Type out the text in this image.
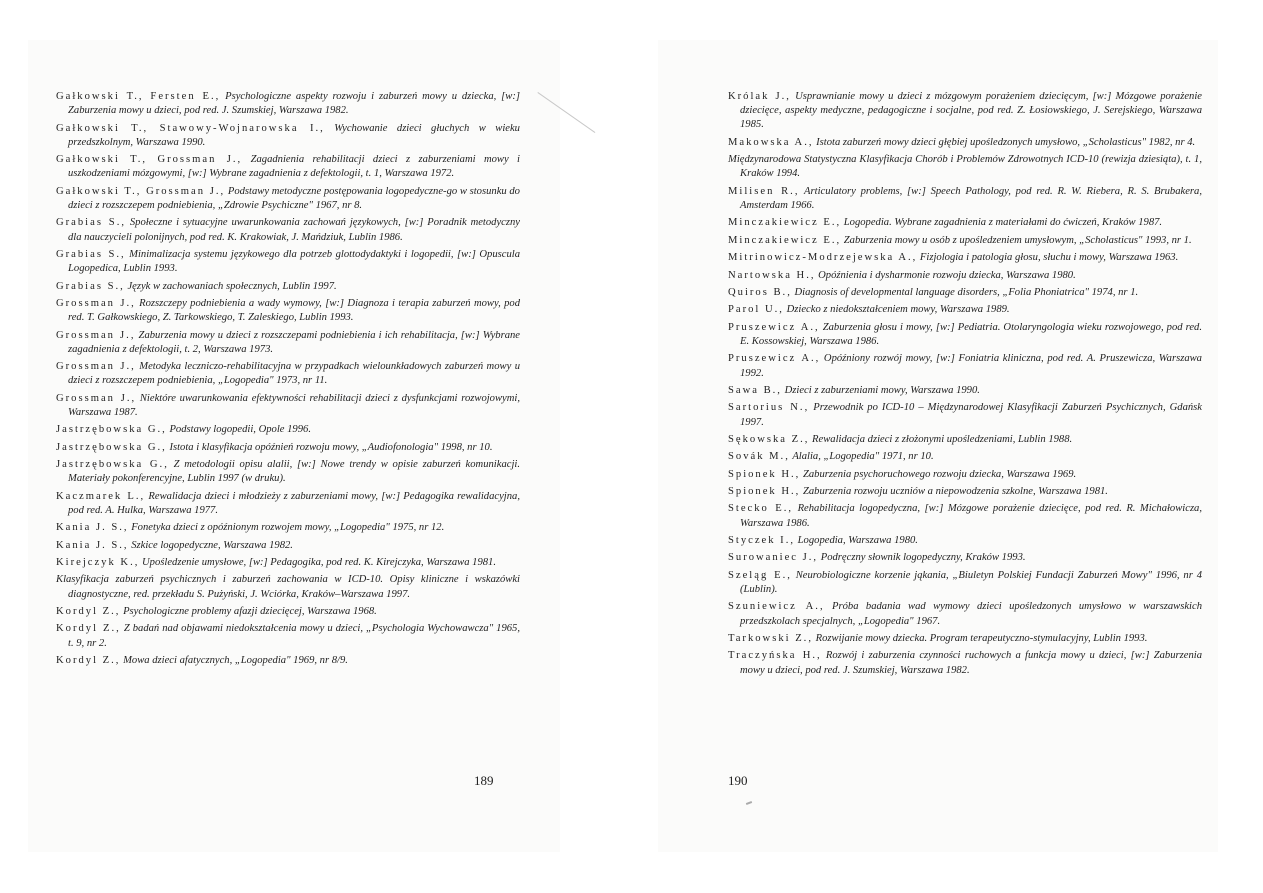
Gałkowski T., Fersten E., Psychologiczne aspekty rozwoju i zaburzeń mowy u dziecka, [w:] Zaburzenia mowy u dzieci, pod red. J. Szumskiej, Warszawa 1982.

Gałkowski T., Stawowy-Wojnarowska I., Wychowanie dzieci głuchych w wieku przedszkolnym, Warszawa 1990.

Gałkowski T., Grossman J., Zagadnienia rehabilitacji dzieci z zaburzeniami mowy i uszkodzeniami mózgowymi, [w:] Wybrane zagadnienia z defektologii, t. 1, Warszawa 1972.

Gałkowski T., Grossman J., Podstawy metodyczne postępowania logopedyczne-go w stosunku do dzieci z rozszczepem podniebienia, „Zdrowie Psychiczne" 1967, nr 8.

Grabias S., Społeczne i sytuacyjne uwarunkowania zachowań językowych, [w:] Poradnik metodyczny dla nauczycieli polonijnych, pod red. K. Krakowiak, J. Mańdziuk, Lublin 1986.

Grabias S., Minimalizacja systemu językowego dla potrzeb glottodydaktyki i logopedii, [w:] Opuscula Logopedica, Lublin 1993.

Grabias S., Język w zachowaniach społecznych, Lublin 1997.

Grossman J., Rozszczepy podniebienia a wady wymowy, [w:] Diagnoza i terapia zaburzeń mowy, pod red. T. Gałkowskiego, Z. Tarkowskiego, T. Zaleskiego, Lublin 1993.

Grossman J., Zaburzenia mowy u dzieci z rozszczepami podniebienia i ich rehabilitacja, [w:] Wybrane zagadnienia z defektologii, t. 2, Warszawa 1973.

Grossman J., Metodyka leczniczo-rehabilitacyjna w przypadkach wielounkładowych zaburzeń mowy u dzieci z rozszczepem podniebienia, „Logopedia" 1973, nr 11.

Grossman J., Niektóre uwarunkowania efektywności rehabilitacji dzieci z dysfunkcjami rozwojowymi, Warszawa 1987.

Jastrzębowska G., Podstawy logopedii, Opole 1996.

Jastrzębowska G., Istota i klasyfikacja opóźnień rozwoju mowy, „Audiofonologia" 1998, nr 10.

Jastrzębowska G., Z metodologii opisu alalii, [w:] Nowe trendy w opisie zaburzeń komunikacji. Materiały pokonferencyjne, Lublin 1997 (w druku).

Kaczmarek L., Rewalidacja dzieci i młodzieży z zaburzeniami mowy, [w:] Pedagogika rewalidacyjna, pod red. A. Hulka, Warszawa 1977.

Kania J. S., Fonetyka dzieci z opóźnionym rozwojem mowy, „Logopedia" 1975, nr 12.

Kania J. S., Szkice logopedyczne, Warszawa 1982.

Kirejczyk K., Upośledzenie umysłowe, [w:] Pedagogika, pod red. K. Kirejczyka, Warszawa 1981.

Klasyfikacja zaburzeń psychicznych i zaburzeń zachowania w ICD-10. Opisy kliniczne i wskazówki diagnostyczne, red. przekładu S. Pużyński, J. Wciórka, Kraków–Warszawa 1997.

Kordyl Z., Psychologiczne problemy afazji dziecięcej, Warszawa 1968.

Kordyl Z., Z badań nad objawami niedokształcenia mowy u dzieci, „Psychologia Wychowawcza" 1965, t. 9, nr 2.

Kordyl Z., Mowa dzieci afatycznych, „Logopedia" 1969, nr 8/9.

189

Królak J., Usprawnianie mowy u dzieci z mózgowym porażeniem dziecięcym, [w:] Mózgowe porażenie dziecięce, aspekty medyczne, pedagogiczne i socjalne, pod red. Z. Łosiowskiego, J. Serejskiego, Warszawa 1985.

Makowska A., Istota zaburzeń mowy dzieci głębiej upośledzonych umysłowo, „Scholasticus" 1982, nr 4.

Międzynarodowa Statystyczna Klasyfikacja Chorób i Problemów Zdrowotnych ICD-10 (rewizja dziesiąta), t. 1, Kraków 1994.

Milisen R., Articulatory problems, [w:] Speech Pathology, pod red. R. W. Riebera, R. S. Brubakera, Amsterdam 1966.

Minczakiewicz E., Logopedia. Wybrane zagadnienia z materiałami do ćwiczeń, Kraków 1987.

Minczakiewicz E., Zaburzenia mowy u osób z upośledzeniem umysłowym, „Scholasticus" 1993, nr 1.

Mitrinowicz-Modrzejewska A., Fizjologia i patologia głosu, słuchu i mowy, Warszawa 1963.

Nartowska H., Opóźnienia i dysharmonie rozwoju dziecka, Warszawa 1980.

Quiros B., Diagnosis of developmental language disorders, „Folia Phoniatrica" 1974, nr 1.

Parol U., Dziecko z niedokształceniem mowy, Warszawa 1989.

Pruszewicz A., Zaburzenia głosu i mowy, [w:] Pediatria. Otolaryngologia wieku rozwojowego, pod red. E. Kossowskiej, Warszawa 1986.

Pruszewicz A., Opóźniony rozwój mowy, [w:] Foniatria kliniczna, pod red. A. Pruszewicza, Warszawa 1992.

Sawa B., Dzieci z zaburzeniami mowy, Warszawa 1990.

Sartorius N., Przewodnik po ICD-10 – Międzynarodowej Klasyfikacji Zaburzeń Psychicznych, Gdańsk 1997.

Sękowska Z., Rewalidacja dzieci z złożonymi upośledzeniami, Lublin 1988.

Sovák M., Alalia, „Logopedia" 1971, nr 10.

Spionek H., Zaburzenia psychoruchowego rozwoju dziecka, Warszawa 1969.

Spionek H., Zaburzenia rozwoju uczniów a niepowodzenia szkolne, Warszawa 1981.

Stecko E., Rehabilitacja logopedyczna, [w:] Mózgowe porażenie dziecięce, pod red. R. Michałowicza, Warszawa 1986.

Styczek I., Logopedia, Warszawa 1980.

Surowaniec J., Podręczny słownik logopedyczny, Kraków 1993.

Szeląg E., Neurobiologiczne korzenie jąkania, „Biuletyn Polskiej Fundacji Zaburzeń Mowy" 1996, nr 4 (Lublin).

Szuniewicz A., Próba badania wad wymowy dzieci upośledzonych umysłowo w warszawskich przedszkolach specjalnych, „Logopedia" 1967.

Tarkowski Z., Rozwijanie mowy dziecka. Program terapeutyczno-stymulacyjny, Lublin 1993.

Traczyńska H., Rozwój i zaburzenia czynności ruchowych a funkcja mowy u dzieci, [w:] Zaburzenia mowy u dzieci, pod red. J. Szumskiej, Warszawa 1982.

190
